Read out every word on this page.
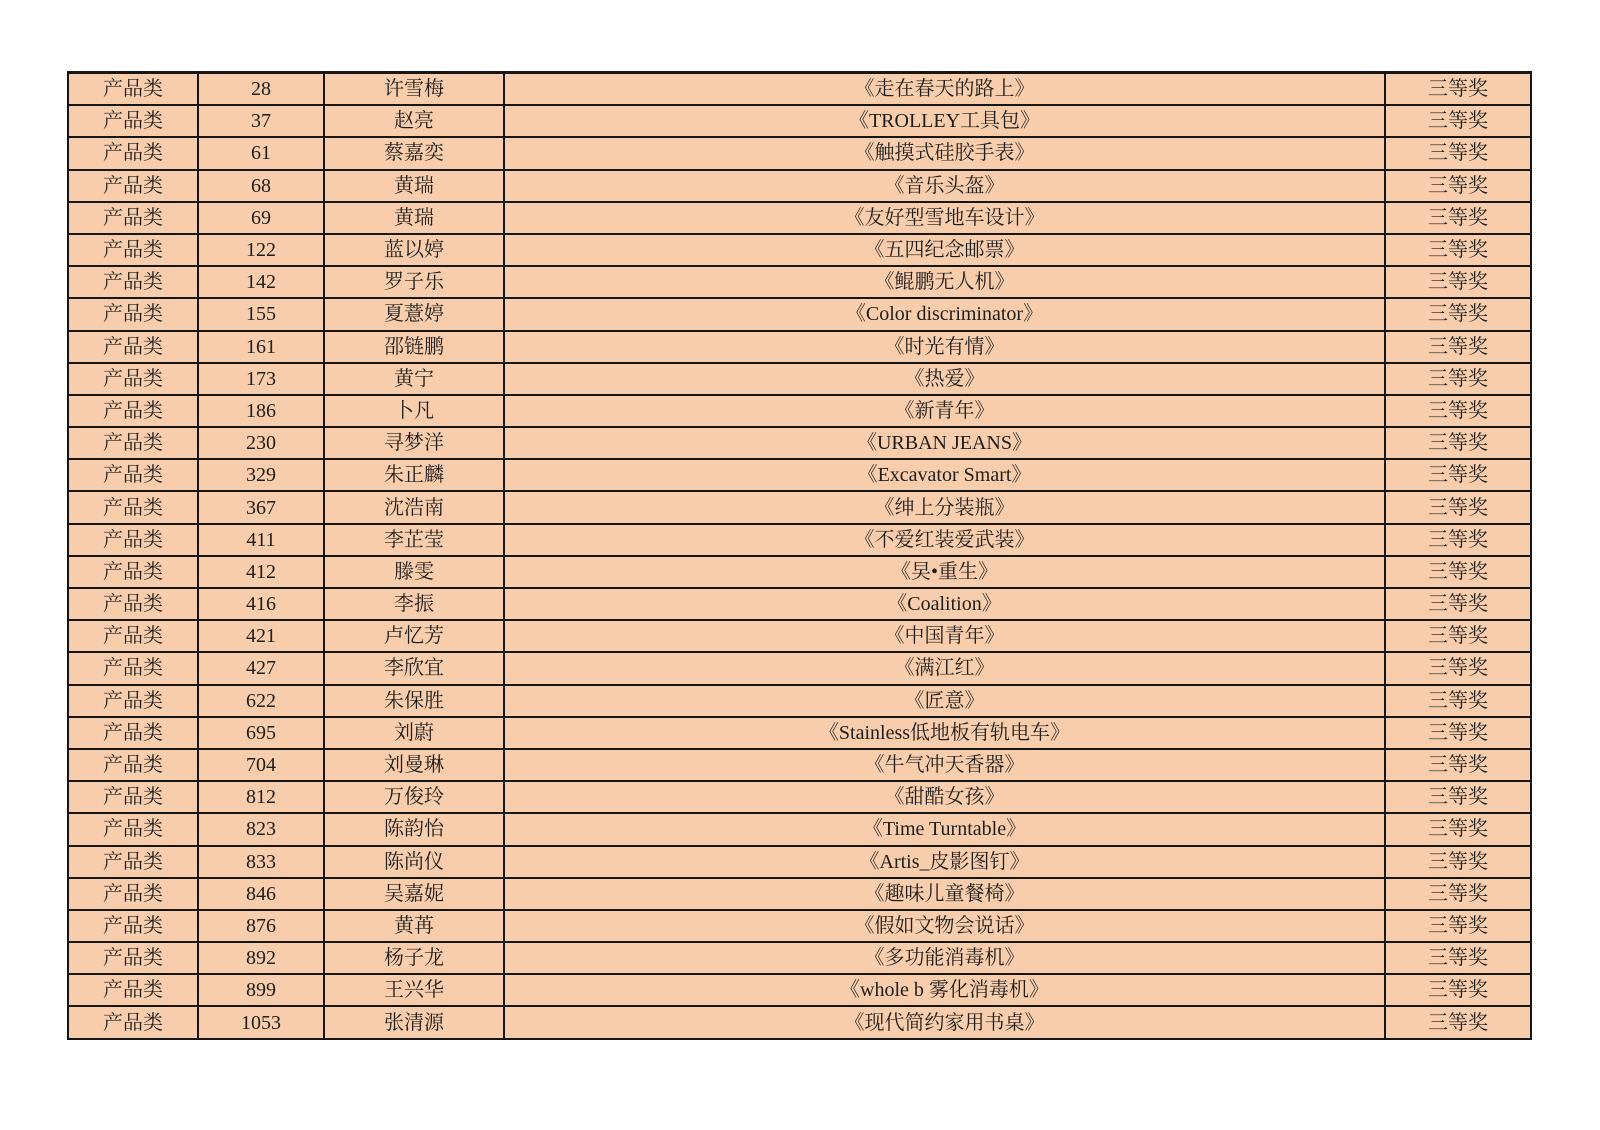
产品类	28	许雪梅	《走在春天的路上》	三等奖
产品类	37	赵亮	《TROLLEY工具包》	三等奖
产品类	61	蔡嘉奕	《触摸式硅胶手表》	三等奖
产品类	68	黄瑞	《音乐头盔》	三等奖
产品类	69	黄瑞	《友好型雪地车设计》	三等奖
产品类	122	蓝以婷	《五四纪念邮票》	三等奖
产品类	142	罗子乐	《鲲鹏无人机》	三等奖
产品类	155	夏薏婷	《Color discriminator》	三等奖
产品类	161	邵链鹏	《时光有情》	三等奖
产品类	173	黄宁	《热爱》	三等奖
产品类	186	卜凡	《新青年》	三等奖
产品类	230	寻梦洋	《URBAN JEANS》	三等奖
产品类	329	朱正麟	《Excavator Smart》	三等奖
产品类	367	沈浩南	《绅上分装瓶》	三等奖
产品类	411	李芷莹	《不爱红装爱武装》	三等奖
产品类	412	滕雯	《旲•重生》	三等奖
产品类	416	李振	《Coalition》	三等奖
产品类	421	卢忆芳	《中国青年》	三等奖
产品类	427	李欣宜	《满江红》	三等奖
产品类	622	朱保胜	《匠意》	三等奖
产品类	695	刘蔚	《Stainless低地板有轨电车》	三等奖
产品类	704	刘曼琳	《牛气冲天香器》	三等奖
产品类	812	万俊玲	《甜酷女孩》	三等奖
产品类	823	陈韵怡	《Time Turntable》	三等奖
产品类	833	陈尚仪	《Artis_皮影图钉》	三等奖
产品类	846	吴嘉妮	《趣味儿童餐椅》	三等奖
产品类	876	黄苒	《假如文物会说话》	三等奖
产品类	892	杨子龙	《多功能消毒机》	三等奖
产品类	899	王兴华	《whole b 雾化消毒机》	三等奖
产品类	1053	张清源	《现代简约家用书桌》	三等奖
